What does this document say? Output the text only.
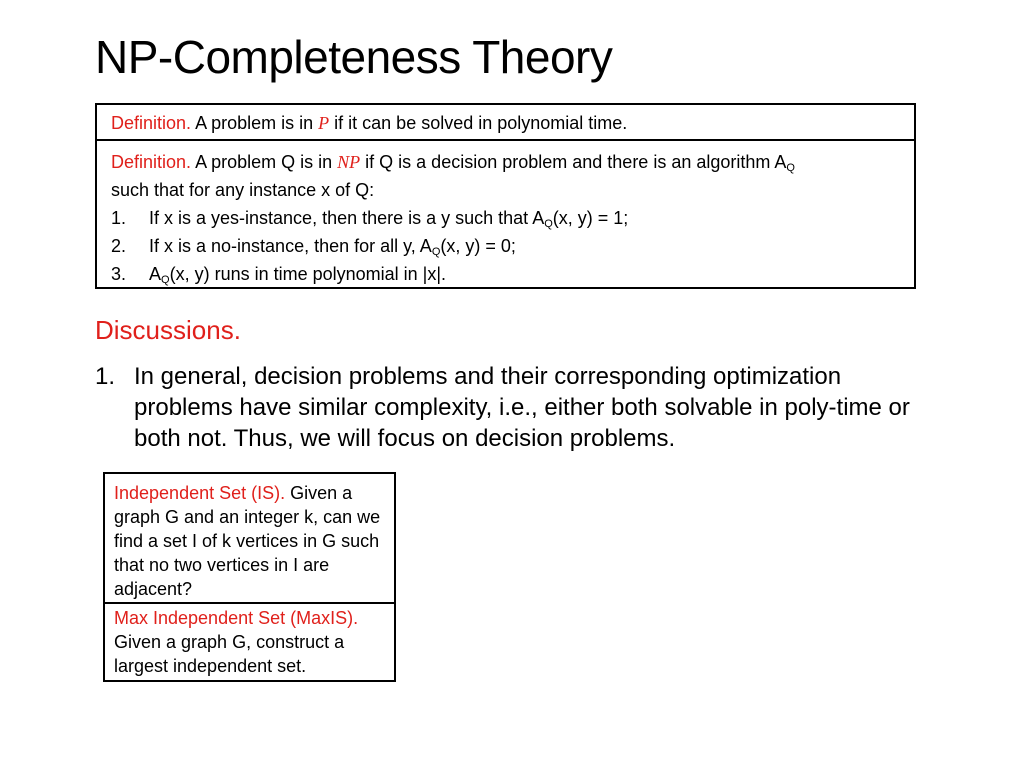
NP-Completeness Theory
Definition. A problem is in P if it can be solved in polynomial time.
Definition. A problem Q is in NP if Q is a decision problem and there is an algorithm $A_Q$
such that for any instance x of Q:
1.	If x is a yes-instance, then there is a y such that $A_Q(x$, y) = 1;
2.	If x is a no-instance, then for all y, $A_Q(x$, y) = 0;
3.	$A_Q(x$, y) runs in time polynomial in |x|.
Discussions.
1. In general, decision problems and their corresponding optimization problems have similar complexity, i.e., either both solvable in poly-time or both not. Thus, we will focus on decision problems.
Independent Set (IS). Given a graph G and an integer k, can we find a set I of k vertices in G such that no two vertices in I are adjacent?
Max Independent Set (MaxIS). Given a graph G, construct a largest independent set.
